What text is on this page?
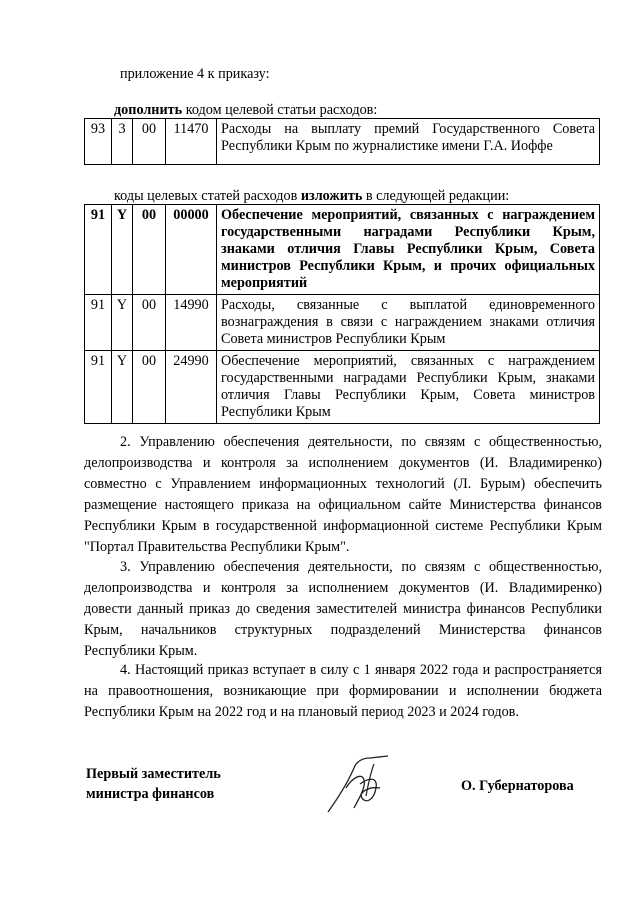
приложение 4 к приказу:
дополнить кодом целевой статьи расходов:
93	3	00	11470	Расходы на выплату премий Государственного Совета Республики Крым по журналистике имени Г.А. Иоффе
коды целевых статей расходов изложить в следующей редакции:
91	Y	00	00000	Обеспечение мероприятий, связанных с награждением государственными наградами Республики Крым, знаками отличия Главы Республики Крым, Совета министров Республики Крым, и прочих официальных мероприятий
91	Y	00	14990	Расходы, связанные с выплатой единовременного вознаграждения в связи с награждением знаками отличия Совета министров Республики Крым
91	Y	00	24990	Обеспечение мероприятий, связанных с награждением государственными наградами Республики Крым, знаками отличия Главы Республики Крым, Совета министров Республики Крым
2. Управлению обеспечения деятельности, по связям с общественностью, делопроизводства и контроля за исполнением документов (И. Владимиренко) совместно с Управлением информационных технологий (Л. Бурым) обеспечить размещение настоящего приказа на официальном сайте Министерства финансов Республики Крым в государственной информационной системе Республики Крым "Портал Правительства Республики Крым".
3. Управлению обеспечения деятельности, по связям с общественностью, делопроизводства и контроля за исполнением документов (И. Владимиренко) довести данный приказ до сведения заместителей министра финансов Республики Крым, начальников структурных подразделений Министерства финансов Республики Крым.
4. Настоящий приказ вступает в силу с 1 января 2022 года и распространяется на правоотношения, возникающие при формировании и исполнении бюджета Республики Крым на 2022 год и на плановый период 2023 и 2024 годов.
Первый заместитель
министра финансов	О. Губернаторова
